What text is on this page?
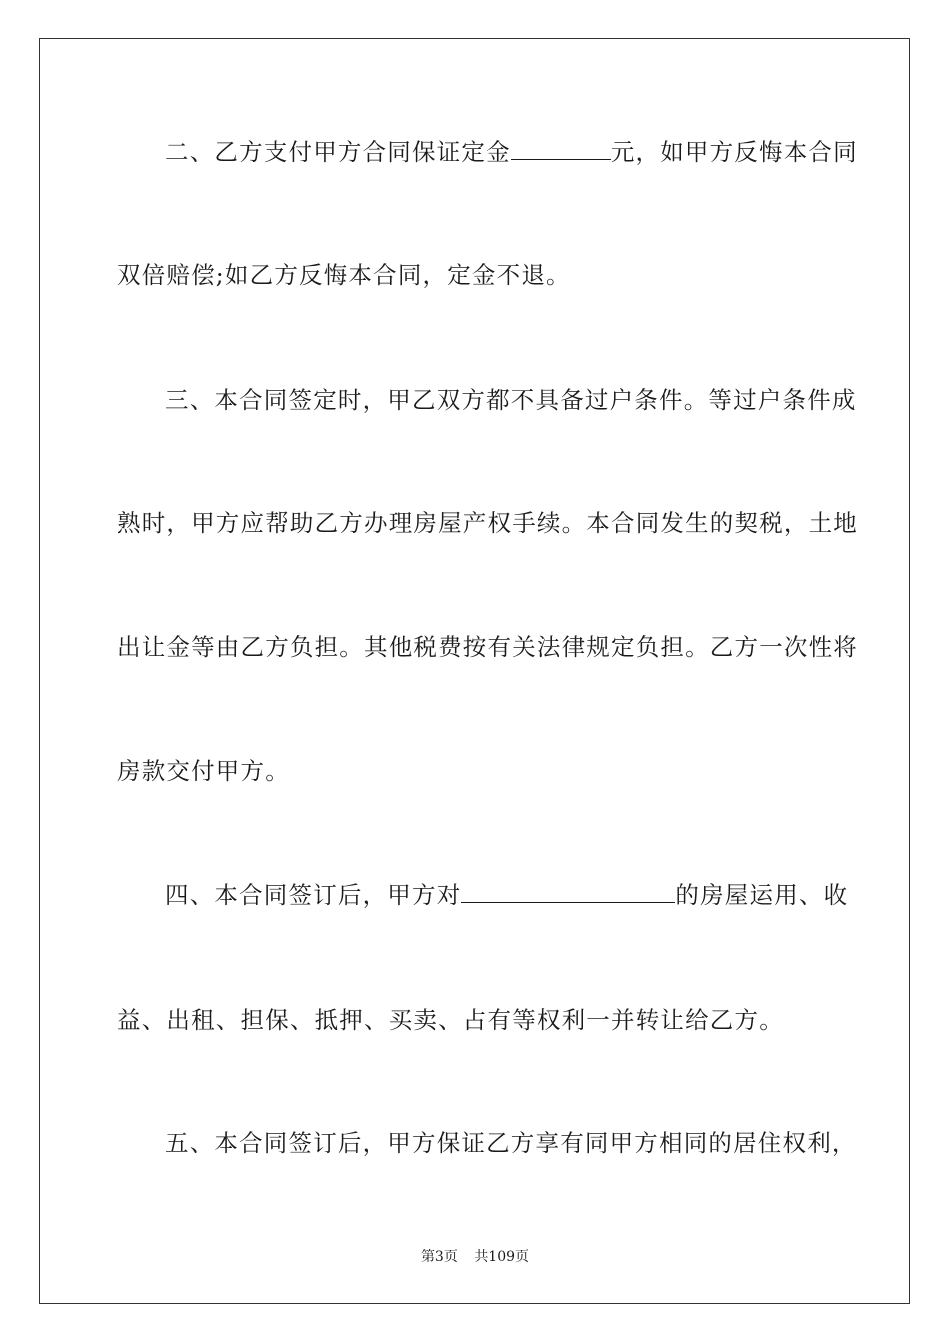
二、乙方支付甲方合同保证定金	元，如甲方反悔本合同
双倍赔偿;如乙方反悔本合同，定金不退。
三、本合同签定时，甲乙双方都不具备过户条件。等过户条件成
熟时，甲方应帮助乙方办理房屋产权手续。本合同发生的契税，土地
出让金等由乙方负担。其他税费按有关法律规定负担。乙方一次性将
房款交付甲方。
四、本合同签订后，甲方对	的房屋运用、收
益、出租、担保、抵押、买卖、占有等权利一并转让给乙方。
五、本合同签订后，甲方保证乙方享有同甲方相同的居住权利，
第3页 共109页
